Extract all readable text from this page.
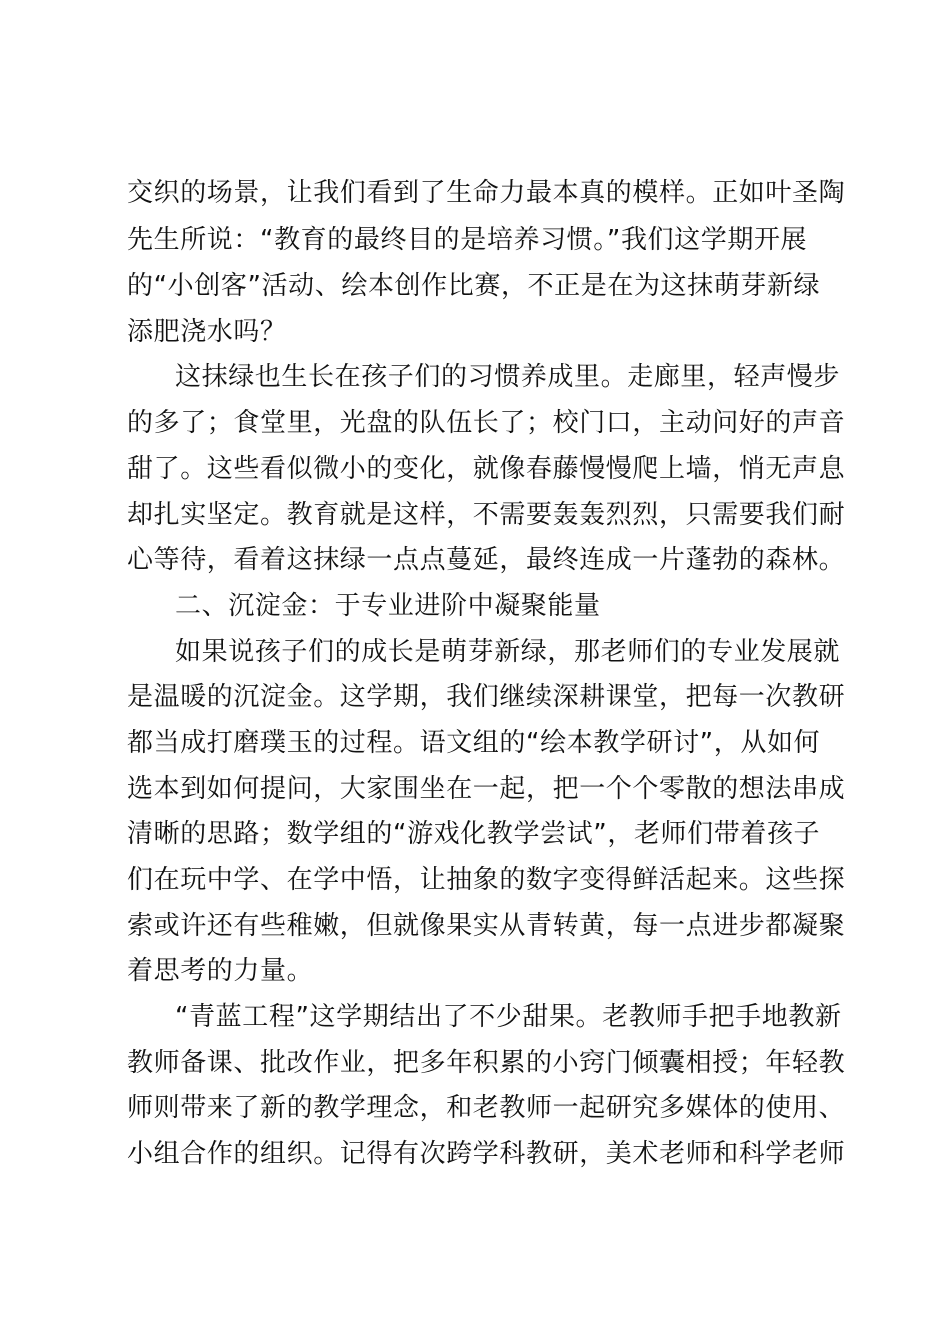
交织的场景，让我们看到了生命力最本真的模样。正如叶圣陶
先生所说：“教育的最终目的是培养习惯。”我们这学期开展
的“小创客”活动、绘本创作比赛，不正是在为这抹萌芽新绿
添肥浇水吗？
这抹绿也生长在孩子们的习惯养成里。走廊里，轻声慢步
的多了；食堂里，光盘的队伍长了；校门口，主动问好的声音
甜了。这些看似微小的变化，就像春藤慢慢爬上墙，悄无声息
却扎实坚定。教育就是这样，不需要轰轰烈烈，只需要我们耐
心等待，看着这抹绿一点点蔓延，最终连成一片蓬勃的森林。
二、沉淀金：于专业进阶中凝聚能量
如果说孩子们的成长是萌芽新绿，那老师们的专业发展就
是温暖的沉淀金。这学期，我们继续深耕课堂，把每一次教研
都当成打磨璞玉的过程。语文组的“绘本教学研讨”，从如何
选本到如何提问，大家围坐在一起，把一个个零散的想法串成
清晰的思路；数学组的“游戏化教学尝试”，老师们带着孩子
们在玩中学、在学中悟，让抽象的数字变得鲜活起来。这些探
索或许还有些稚嫩，但就像果实从青转黄，每一点进步都凝聚
着思考的力量。
“青蓝工程”这学期结出了不少甜果。老教师手把手地教新
教师备课、批改作业，把多年积累的小窍门倾囊相授；年轻教
师则带来了新的教学理念，和老教师一起研究多媒体的使用、
小组合作的组织。记得有次跨学科教研，美术老师和科学老师
